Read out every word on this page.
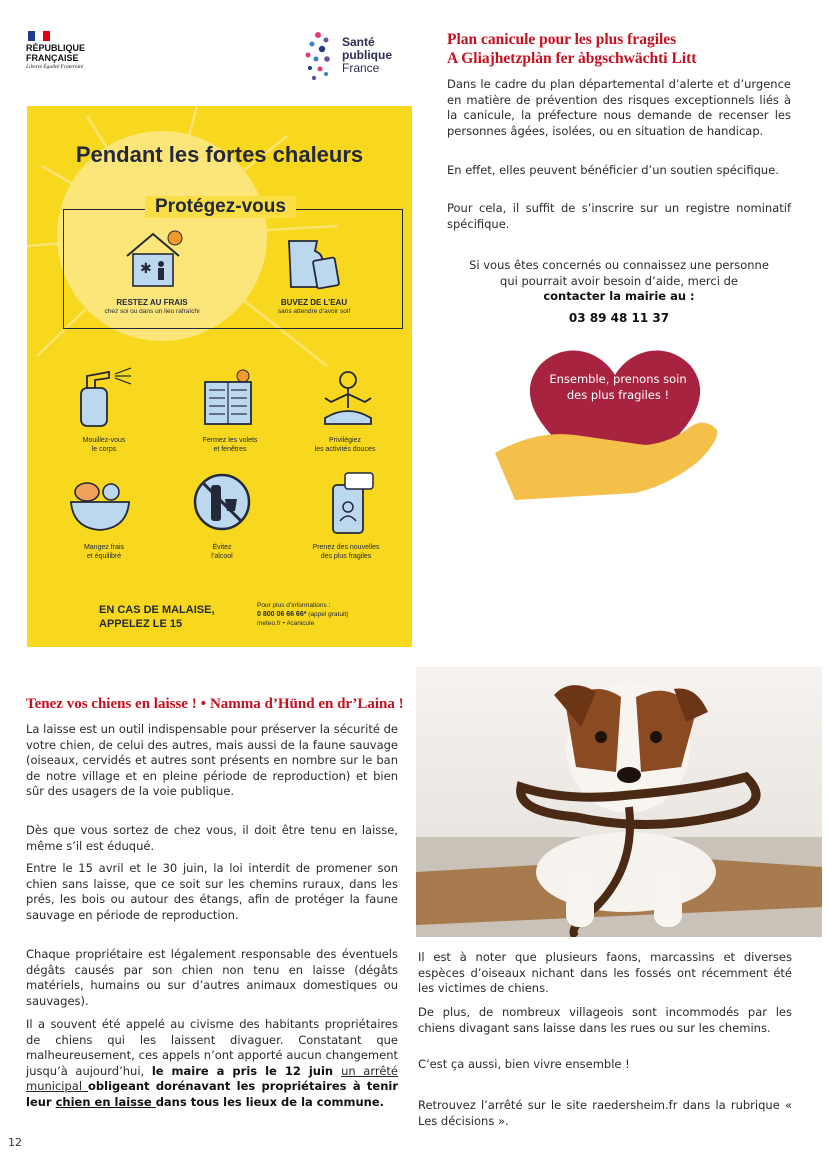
RÉPUBLIQUE FRANÇAISE
Liberté Égalité Fraternité
Santé
publique
France
Pendant les fortes chaleurs
Protégez-vous
✱
RESTEZ AU FRAIS
chez soi ou dans un lieu rafraîchi
BUVEZ DE L’EAU
sans attendre d’avoir soif
Mouillez-vous
le corps
Fermez les volets
et fenêtres
Privilégiez
les activités douces
Mangez frais
et équilibré
Évitez
l’alcool
Prenez des nouvelles
des plus fragiles
EN CAS DE MALAISE,
APPELEZ LE 15
Pour plus d’informations :
0 800 06 66 66* (appel gratuit)
meteo.fr • #canicule
Plan canicule pour les plus fragiles
A Gliajhetzplàn fer àbgschwächti Litt
Dans le cadre du plan départemental d’alerte et d’urgence en matière de prévention des risques exceptionnels liés à la canicule, la préfecture nous demande de recenser les personnes âgées, isolées, ou en situation de handicap.
En effet, elles peuvent bénéficier d’un soutien spécifique.
Pour cela, il suffit de s’inscrire sur un registre nominatif spécifique.
Si vous êtes concernés ou connaissez une personne
qui pourrait avoir besoin d’aide, merci de
contacter la mairie au :
03 89 48 11 37
Ensemble, prenons soin
des plus fragiles !
Tenez vos chiens en laisse ! • Namma d’Hünd en dr’Laina !
La laisse est un outil indispensable pour préserver la sécurité de votre chien, de celui des autres, mais aussi de la faune sauvage (oiseaux, cervidés et autres sont présents en nombre sur le ban de notre village et en pleine période de reproduction) et bien sûr des usagers de la voie publique.
Dès que vous sortez de chez vous, il doit être tenu en laisse, même s’il est éduqué.
Entre le 15 avril et le 30 juin, la loi interdit de promener son chien sans laisse, que ce soit sur les chemins ruraux, dans les prés, les bois ou autour des étangs, afin de protéger la faune sauvage en période de reproduction.
Chaque propriétaire est légalement responsable des éventuels dégâts causés par son chien non tenu en laisse (dégâts matériels, humains ou sur d’autres animaux domestiques ou sauvages).
Il a souvent été appelé au civisme des habitants propriétaires de chiens qui les laissent divaguer. Constatant que malheureusement, ces appels n’ont apporté aucun changement jusqu’à aujourd’hui, le maire a pris le 12 juin un arrêté municipal obligeant dorénavant les propriétaires à tenir leur chien en laisse dans tous les lieux de la commune.
Il est à noter que plusieurs faons, marcassins et diverses espèces d’oiseaux nichant dans les fossés ont récemment été les victimes de chiens.
De plus, de nombreux villageois sont incommodés par les chiens divagant sans laisse dans les rues ou sur les chemins.
C’est ça aussi, bien vivre ensemble !
Retrouvez l’arrêté sur le site raedersheim.fr dans la rubrique « Les décisions ».
12
